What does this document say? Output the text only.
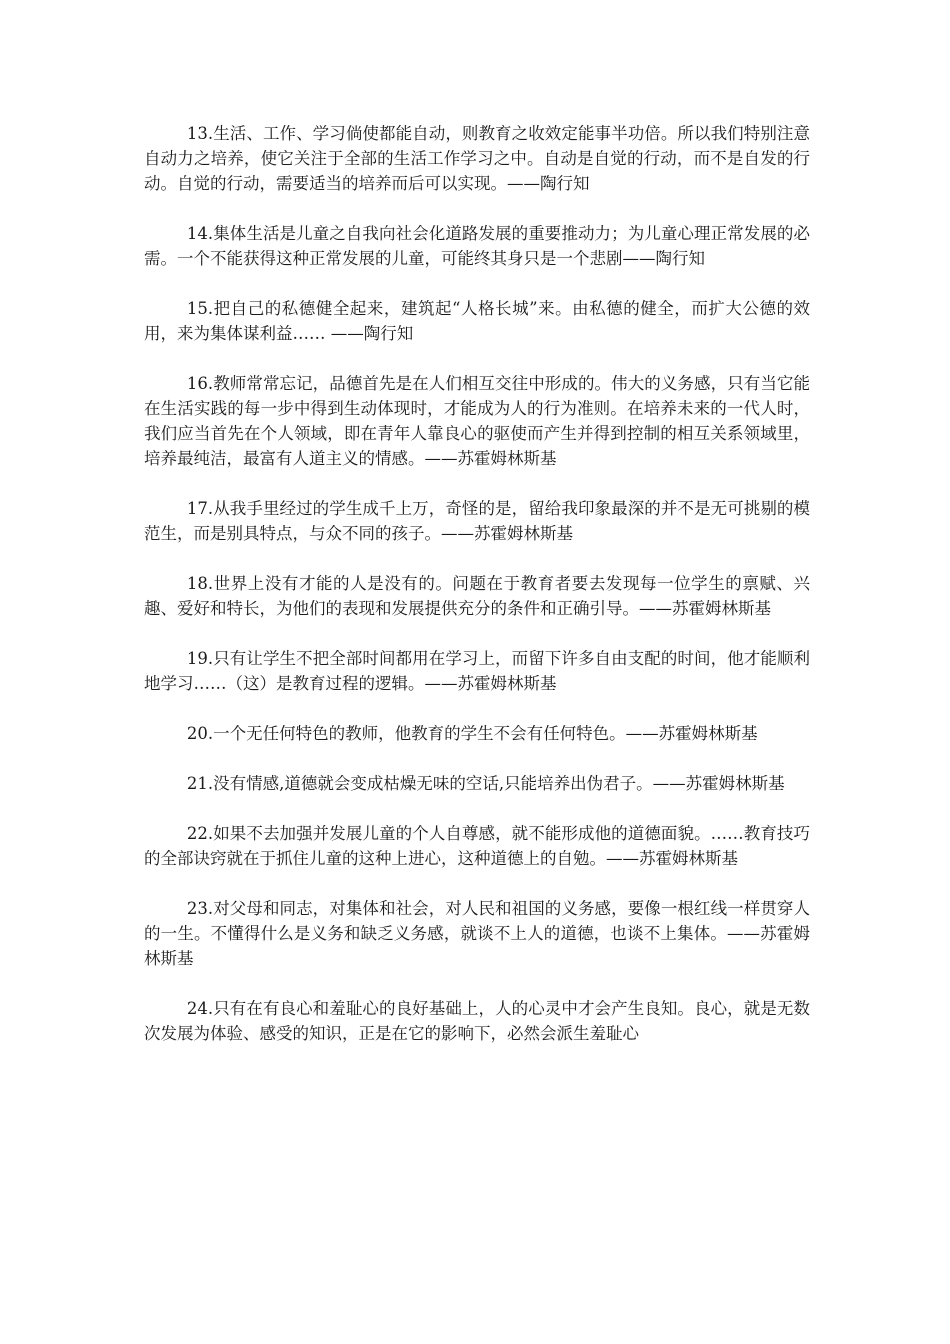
13.生活、工作、学习倘使都能自动，则教育之收效定能事半功倍。所以我们特别注意自动力之培养，使它关注于全部的生活工作学习之中。自动是自觉的行动，而不是自发的行动。自觉的行动，需要适当的培养而后可以实现。——陶行知

14.集体生活是儿童之自我向社会化道路发展的重要推动力；为儿童心理正常发展的必需。一个不能获得这种正常发展的儿童，可能终其身只是一个悲剧——陶行知

15.把自己的私德健全起来，建筑起“人格长城”来。由私德的健全，而扩大公德的效用，来为集体谋利益…… ——陶行知

16.教师常常忘记，品德首先是在人们相互交往中形成的。伟大的义务感，只有当它能在生活实践的每一步中得到生动体现时，才能成为人的行为准则。在培养未来的一代人时，我们应当首先在个人领域，即在青年人靠良心的驱使而产生并得到控制的相互关系领域里，培养最纯洁，最富有人道主义的情感。——苏霍姆林斯基

17.从我手里经过的学生成千上万，奇怪的是，留给我印象最深的并不是无可挑剔的模范生，而是别具特点，与众不同的孩子。——苏霍姆林斯基

18.世界上没有才能的人是没有的。问题在于教育者要去发现每一位学生的禀赋、兴趣、爱好和特长，为他们的表现和发展提供充分的条件和正确引导。——苏霍姆林斯基

19.只有让学生不把全部时间都用在学习上，而留下许多自由支配的时间，他才能顺利地学习……（这）是教育过程的逻辑。——苏霍姆林斯基

20.一个无任何特色的教师，他教育的学生不会有任何特色。——苏霍姆林斯基

21.没有情感,道德就会变成枯燥无味的空话,只能培养出伪君子。——苏霍姆林斯基

22.如果不去加强并发展儿童的个人自尊感，就不能形成他的道德面貌。……教育技巧的全部诀窍就在于抓住儿童的这种上进心，这种道德上的自勉。——苏霍姆林斯基

23.对父母和同志，对集体和社会，对人民和祖国的义务感，要像一根红线一样贯穿人的一生。不懂得什么是义务和缺乏义务感，就谈不上人的道德，也谈不上集体。——苏霍姆林斯基

24.只有在有良心和羞耻心的良好基础上，人的心灵中才会产生良知。良心，就是无数次发展为体验、感受的知识，正是在它的影响下，必然会派生羞耻心
